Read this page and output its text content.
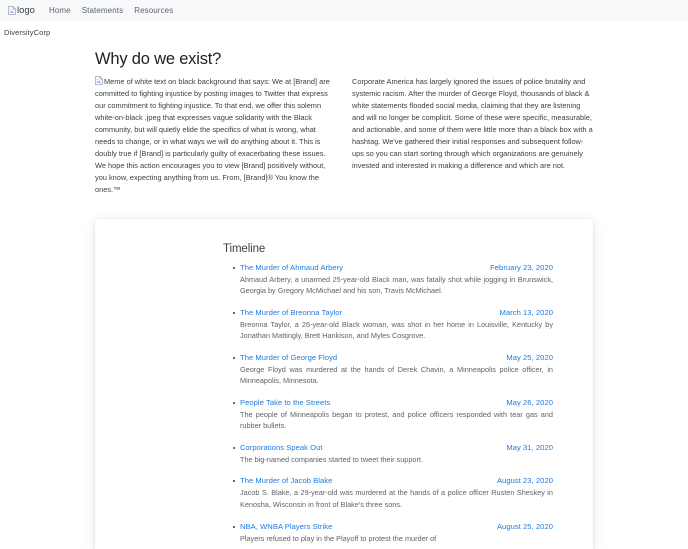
logo Home Statements Resources
DiversityCorp
Why do we exist?

Meme of white text on black background that says: We at [Brand] are committed to fighting injustice by posting images to Twitter that express our commitment to fighting injustice. To that end, we offer this solemn white-on-black .jpeg that expresses vague solidarity with the Black community, but will quietly elide the specifics of what is wrong, what needs to change, or in what ways we will do anything about it. This is doubly true if [Brand] is particularly guilty of exacerbating these issues. We hope this action encourages you to view [Brand] positively without, you know, expecting anything from us. From, [Brand]® You know the ones.™

Corporate America has largely ignored the issues of police brutality and systemic racism. After the murder of George Floyd, thousands of black & white statements flooded social media, claiming that they are listening and will no longer be complicit. Some of these were specific, measurable, and actionable, and some of them were little more than a black box with a hashtag. We've gathered their initial responses and subsequent follow-ups so you can start sorting through which organizations are genuinely invested and interested in making a difference and which are not.

Timeline
The Murder of Ahmaud Arbery	February 23, 2020

Ahmaud Arbery, a unarmed 25-year-old Black man, was fatally shot while jogging in Brunswick, Georgia by Gregory McMichael and his son, Travis McMichael.

The Murder of Breonna Taylor	March 13, 2020

Breonna Taylor, a 26-year-old Black woman, was shot in her home in Louisville, Kentucky by Jonathan Mattingly, Brett Hankison, and Myles Cosgrove.

The Murder of George Floyd	May 25, 2020

George Floyd was murdered at the hands of Derek Chavin, a Minneapolis police officer, in Minneapolis, Minnesota.

People Take to the Streets	May 26, 2020

The people of Minneapolis began to protest, and police officers responded with tear gas and rubber bullets.

Corporations Speak Out	May 31, 2020

The big-named companies started to tweet their support.

The Murder of Jacob Blake	August 23, 2020

Jacob S. Blake, a 29-year-old was murdered at the hands of a police officer Rusten Sheskey in Kenosha, Wisconsin in front of Blake's three sons.

NBA, WNBA Players Strike	August 25, 2020

Players refused to play in the Playoff to protest the murder of
